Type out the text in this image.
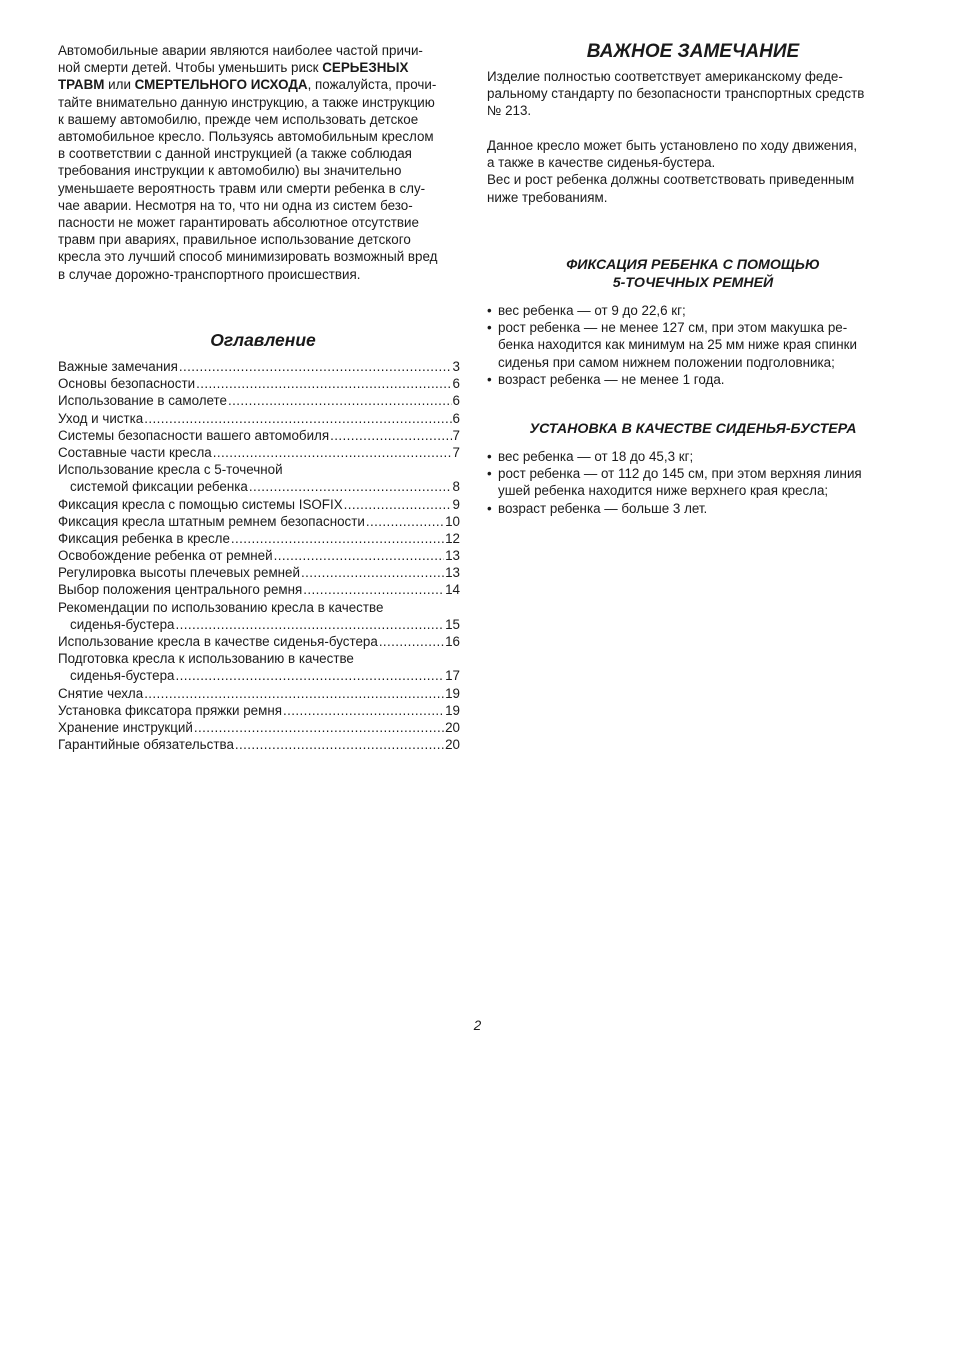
Автомобильные аварии являются наиболее частой причи-
ной смерти детей. Чтобы уменьшить риск СЕРЬЕЗНЫХ
ТРАВМ или СМЕРТЕЛЬНОГО ИСХОДА, пожалуйста, прочи-
тайте внимательно данную инструкцию, а также инструкцию
к вашему автомобилю, прежде чем использовать детское
автомобильное кресло. Пользуясь автомобильным креслом
в соответствии с данной инструкцией (а также соблюдая
требования инструкции к автомобилю) вы значительно
уменьшаете вероятность травм или смерти ребенка в слу-
чае аварии. Несмотря на то, что ни одна из систем безо-
пасности не может гарантировать абсолютное отсутствие
травм при авариях, правильное использование детского
кресла это лучший способ минимизировать возможный вред
в случае дорожно-транспортного происшествия.
Оглавление
Важные замечания .....	3
Основы безопасности .....	6
Использование в самолете .....	6
Уход и чистка .....	6
Системы безопасности вашего автомобиля .....	7
Составные части кресла .....	7
Использование кресла с 5-точечной
системой фиксации ребенка .....	8
Фиксация кресла с помощью системы ISOFIX .....	9
Фиксация кресла штатным ремнем безопасности .....	10
Фиксация ребенка в кресле .....	12
Освобождение ребенка от ремней .....	13
Регулировка высоты плечевых ремней .....	13
Выбор положения центрального ремня .....	14
Рекомендации по использованию кресла в качестве
сиденья-бустера .....	15
Использование кресла в качестве сиденья-бустера .....	16
Подготовка кресла к использованию в качестве
сиденья-бустера .....	17
Снятие чехла .....	19
Установка фиксатора пряжки ремня .....	19
Хранение инструкций .....	20
Гарантийные обязательства .....	20
ВАЖНОЕ ЗАМЕЧАНИЕ
Изделие полностью соответствует американскому феде-
ральному стандарту по безопасности транспортных средств
№ 213.
Данное кресло может быть установлено по ходу движения,
а также в качестве сиденья-бустера.
Вес и рост ребенка должны соответствовать приведенным
ниже требованиям.
ФИКСАЦИЯ РЕБЕНКА С ПОМОЩЬЮ
5-ТОЧЕЧНЫХ РЕМНЕЙ
• вес ребенка — от 9 до 22,6 кг;
• рост ребенка — не менее 127 см, при этом макушка ре-
бенка находится как минимум на 25 мм ниже края спинки
сиденья при самом нижнем положении подголовника;
• возраст ребенка — не менее 1 года.
УСТАНОВКА В КАЧЕСТВЕ СИДЕНЬЯ-БУСТЕРА
• вес ребенка — от 18 до 45,3 кг;
• рост ребенка — от 112 до 145 см, при этом верхняя линия
ушей ребенка находится ниже верхнего края кресла;
• возраст ребенка — больше 3 лет.
2
